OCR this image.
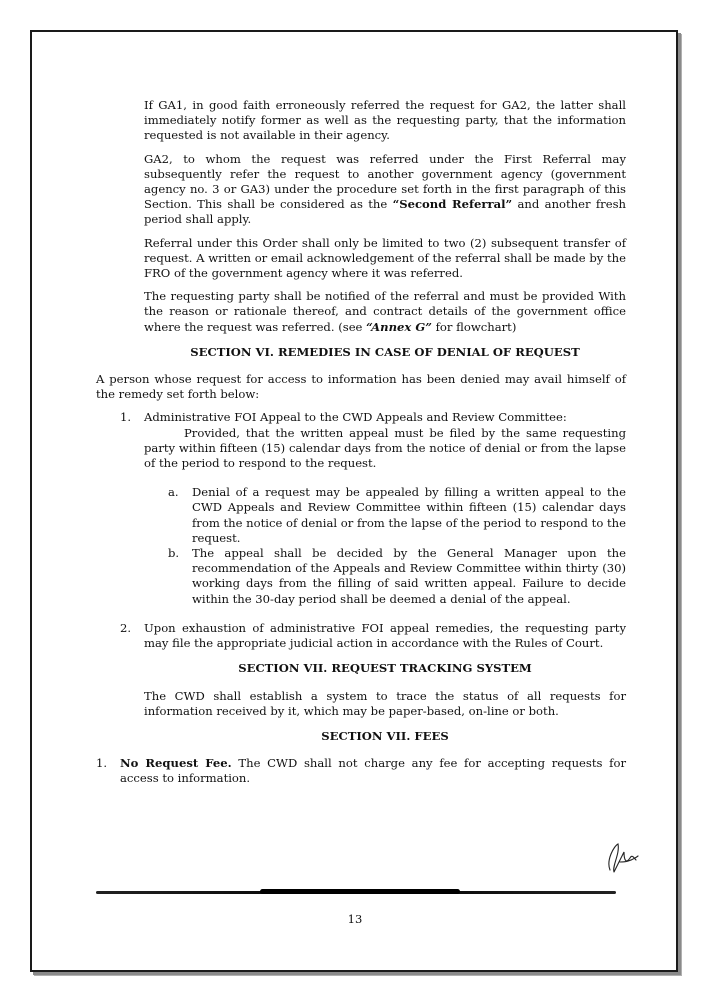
If GA1, in good faith erroneously referred the request for GA2, the latter shall immediately notify former as well as the requesting party, that the information requested is not available in their agency.

GA2, to whom the request was referred under the First Referral may subsequently refer the request to another government agency (government agency no. 3 or GA3) under the procedure set forth in the first paragraph of this Section. This shall be considered as the “Second Referral” and another fresh period shall apply.

Referral under this Order shall only be limited to two (2) subsequent transfer of request. A written or email acknowledgement of the referral shall be made by the FRO of the government agency where it was referred.

The requesting party shall be notified of the referral and must be provided With the reason or rationale thereof, and contract details of the government office where the request was referred. (see “Annex G” for flowchart)

SECTION VI. REMEDIES IN CASE OF DENIAL OF REQUEST

A person whose request for access to information has been denied may avail himself of the remedy set forth below:

1.	Administrative FOI Appeal to the CWD Appeals and Review Committee:
Provided, that the written appeal must be filed by the same requesting party within fifteen (15) calendar days from the notice of denial or from the lapse of the period to respond to the request.
a.	Denial of a request may be appealed by filling a written appeal to the CWD Appeals and Review Committee within fifteen (15) calendar days from the notice of denial or from the lapse of the period to respond to the request.
b.	The appeal shall be decided by the General Manager upon the recommendation of the Appeals and Review Committee within thirty (30) working days from the filling of said written appeal. Failure to decide within the 30-day period shall be deemed a denial of the appeal.
2.	Upon exhaustion of administrative FOI appeal remedies, the requesting party may file the appropriate judicial action in accordance with the Rules of Court.

SECTION VII. REQUEST TRACKING SYSTEM

The CWD shall establish a system to trace the status of all requests for information received by it, which may be paper-based, on-line or both.

SECTION VII. FEES

1.	No Request Fee. The CWD shall not charge any fee for accepting requests for access to information.
13
